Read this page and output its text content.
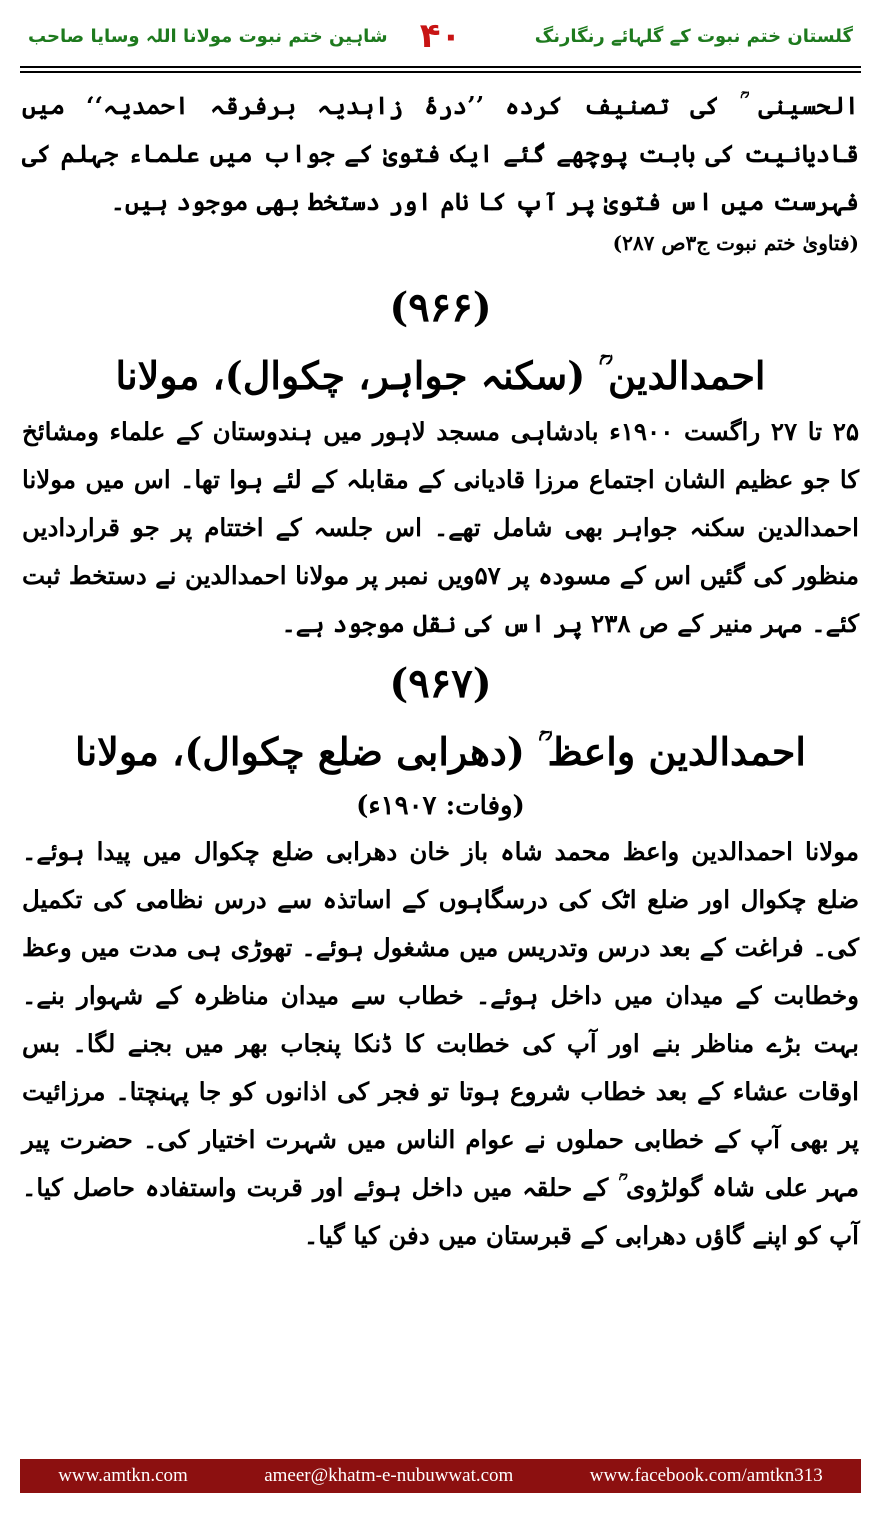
گلستان ختم نبوت کے گلہائے رنگارنگ
۴۰
شاہین ختم نبوت مولانا اللہ وسایا صاحب

الحسینی ؒ کی تصنیف کردہ ’’درۂ زاہدیہ برفرقہ احمدیہ‘‘ میں قادیانیت کی بابت پوچھے گئے ایک فتویٰ کے جواب میں علماء جہلم کی فہرست میں اس فتویٰ پر آپ کا نام اور دستخط بھی موجود ہیں۔

(فتاویٰ ختم نبوت ج۳ص ۲۸۷)

(۹۶۶)

احمدالدین ؒ (سکنہ جواہر، چکوال)، مولانا

۲۵ تا ۲۷ راگست ۱۹۰۰ء بادشاہی مسجد لاہور میں ہندوستان کے علماء ومشائخ کا جو عظیم الشان اجتماع مرزا قادیانی کے مقابلہ کے لئے ہوا تھا۔ اس میں مولانا احمدالدین سکنہ جواہر بھی شامل تھے۔ اس جلسہ کے اختتام پر جو قراردادیں منظور کی گئیں اس کے مسودہ پر ۵۷ویں نمبر پر مولانا احمدالدین نے دستخط ثبت کئے۔ مہر منیر کے ص ۲۳۸ پر اس کی نقل موجود ہے۔

(۹۶۷)

احمدالدین واعظ ؒ (دھرابی ضلع چکوال)، مولانا

(وفات: ۱۹۰۷ء)

مولانا احمدالدین واعظ محمد شاہ باز خان دھرابی ضلع چکوال میں پیدا ہوئے۔ ضلع چکوال اور ضلع اٹک کی درسگاہوں کے اساتذہ سے درس نظامی کی تکمیل کی۔ فراغت کے بعد درس وتدریس میں مشغول ہوئے۔ تھوڑی ہی مدت میں وعظ وخطابت کے میدان میں داخل ہوئے۔ خطاب سے میدان مناظرہ کے شہوار بنے۔ بہت بڑے مناظر بنے اور آپ کی خطابت کا ڈنکا پنجاب بھر میں بجنے لگا۔ بس اوقات عشاء کے بعد خطاب شروع ہوتا تو فجر کی اذانوں کو جا پہنچتا۔ مرزائیت پر بھی آپ کے خطابی حملوں نے عوام الناس میں شہرت اختیار کی۔ حضرت پیر مہر علی شاہ گولڑوی ؒ کے حلقہ میں داخل ہوئے اور قربت واستفادہ حاصل کیا۔ آپ کو اپنے گاؤں دھرابی کے قبرستان میں دفن کیا گیا۔

www.amtkn.com	ameer@khatm-e-nubuwwat.com	www.facebook.com/amtkn313
